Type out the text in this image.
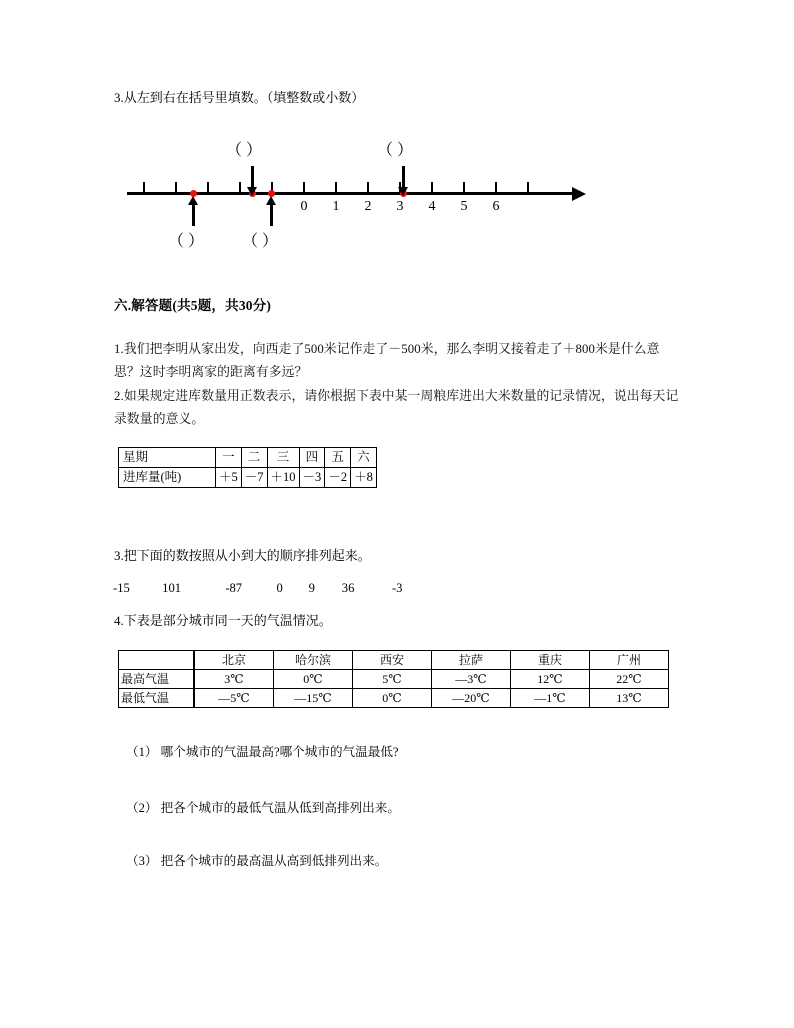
3.从左到右在括号里填数。（填整数或小数）
0	1	2	3	4	5	6
（ ）	（ ）
（ ） （ ）
六.解答题(共5题，共30分)
1.我们把李明从家出发，向西走了500米记作走了－500米，那么李明又接着走了＋800米是什么意思？这时李明离家的距离有多远？
2.如果规定进库数量用正数表示，请你根据下表中某一周粮库进出大米数量的记录情况，说出每天记录数量的意义。
星期	一	二	三	四	五	六
进库量(吨)	＋5	－7	＋10	－3	－2	＋8
3.把下面的数按照从小到大的顺序排列起来。
-15	101	-87	0 9 36	-3
4.下表是部分城市同一天的气温情况。
	北京	哈尔滨	西安	拉萨	重庆	广州
最高气温	3℃	0℃	5℃	—3℃	12℃	22℃
最低气温	—5℃	—15℃	0℃	—20℃	—1℃	13℃
（1） 哪个城市的气温最高?哪个城市的气温最低?
（2） 把各个城市的最低气温从低到高排列出来。
（3） 把各个城市的最高温从高到低排列出来。
